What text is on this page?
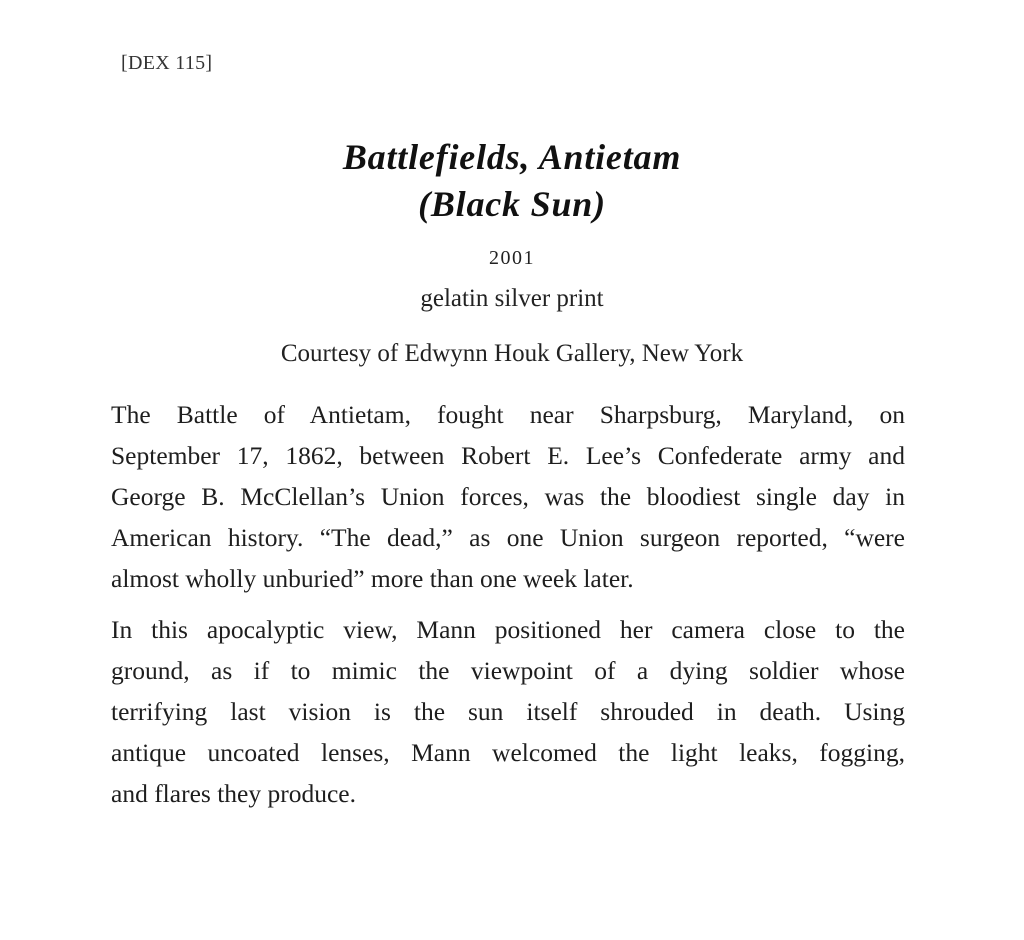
[DEX 115]
Battlefields, Antietam
(Black Sun)
2001
gelatin silver print
Courtesy of Edwynn Houk Gallery, New York
The Battle of Antietam, fought near Sharpsburg, Maryland, on
September 17, 1862, between Robert E. Lee’s Confederate army and
George B. McClellan’s Union forces, was the bloodiest single day in
American history. “The dead,” as one Union surgeon reported, “were
almost wholly unburied” more than one week later.
In this apocalyptic view, Mann positioned her camera close to the
ground, as if to mimic the viewpoint of a dying soldier whose
terrifying last vision is the sun itself shrouded in death. Using
antique uncoated lenses, Mann welcomed the light leaks, fogging,
and flares they produce.
